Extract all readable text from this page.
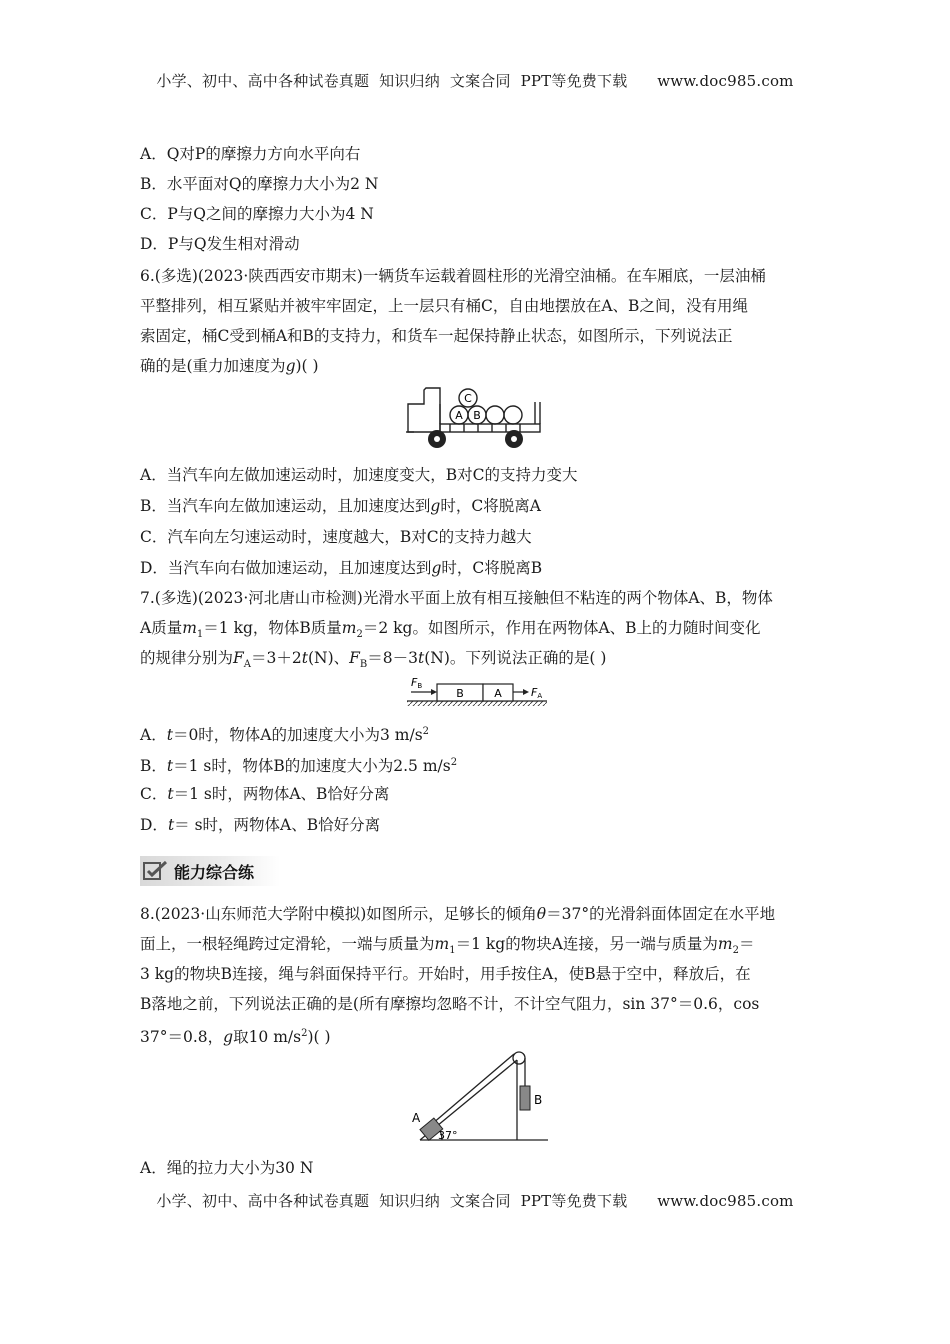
小学、初中、高中各种试卷真题  知识归纳  文案合同  PPT等免费下载      www.doc985.com
A．Q对P的摩擦力方向水平向右
B．水平面对Q的摩擦力大小为2 N
C．P与Q之间的摩擦力大小为4 N
D．P与Q发生相对滑动
6.(多选)(2023·陕西西安市期末)一辆货车运载着圆柱形的光滑空油桶。在车厢底，一层油桶
平整排列，相互紧贴并被牢牢固定，上一层只有桶C，自由地摆放在A、B之间，没有用绳
索固定，桶C受到桶A和B的支持力，和货车一起保持静止状态，如图所示，下列说法正
确的是(重力加速度为g)( )
A B
C
A．当汽车向左做加速运动时，加速度变大，B对C的支持力变大
B．当汽车向左做加速运动，且加速度达到g时，C将脱离A
C．汽车向左匀速运动时，速度越大，B对C的支持力越大
D．当汽车向右做加速运动，且加速度达到g时，C将脱离B
7.(多选)(2023·河北唐山市检测)光滑水平面上放有相互接触但不粘连的两个物体A、B，物体
A质量$m_1=1$ kg，物体B质量$m_2=2$ kg。如图所示，作用在两物体A、B上的力随时间变化
的规律分别为$F_A=3+2t(N)$、$F_B=8-3t(N)$。下列说法正确的是( )
B	A
FB	FA
A．t＝0时，物体A的加速度大小为3 $m/s^2$
B．t＝1 s时，物体B的加速度大小为2.5 $m/s^2$
C．t＝1 s时，两物体A、B恰好分离
D．t＝ s时，两物体A、B恰好分离
能力综合练
8.(2023·山东师范大学附中模拟)如图所示，足够长的倾角θ＝37°的光滑斜面体固定在水平地
面上，一根轻绳跨过定滑轮，一端与质量为$m_1=1$ kg的物块A连接，另一端与质量为$m_2=$
3 kg的物块B连接，绳与斜面保持平行。开始时，用手按住A，使B悬于空中，释放后，在
B落地之前，下列说法正确的是(所有摩擦均忽略不计，不计空气阻力，sin 37°＝0.6，cos
37°＝0.8，g取10 $m/s^2$)( )
A
B
37°
A．绳的拉力大小为30 N
小学、初中、高中各种试卷真题  知识归纳  文案合同  PPT等免费下载      www.doc985.com
